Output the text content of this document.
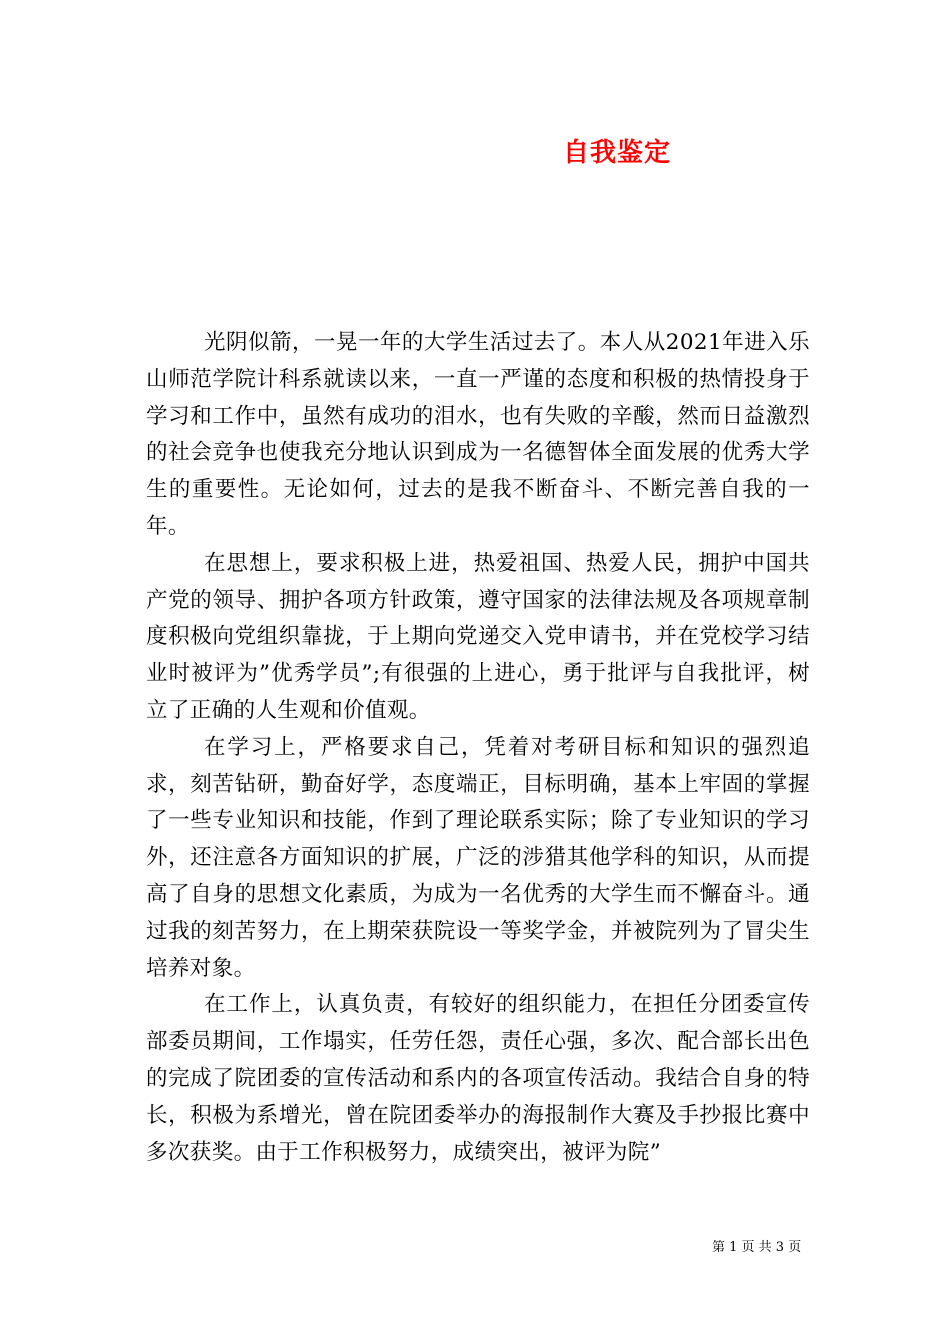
自我鉴定

光阴似箭，一晃一年的大学生活过去了。本人从2021年进入乐山师范学院计科系就读以来，一直一严谨的态度和积极的热情投身于学习和工作中，虽然有成功的泪水，也有失败的辛酸，然而日益激烈的社会竞争也使我充分地认识到成为一名德智体全面发展的优秀大学生的重要性。无论如何，过去的是我不断奋斗、不断完善自我的一年。

在思想上，要求积极上进，热爱祖国、热爱人民，拥护中国共产党的领导、拥护各项方针政策，遵守国家的法律法规及各项规章制度积极向党组织靠拢，于上期向党递交入党申请书，并在党校学习结业时被评为”优秀学员”;有很强的上进心，勇于批评与自我批评，树立了正确的人生观和价值观。

在学习上，严格要求自己，凭着对考研目标和知识的强烈追求，刻苦钻研，勤奋好学，态度端正，目标明确，基本上牢固的掌握了一些专业知识和技能，作到了理论联系实际；除了专业知识的学习外，还注意各方面知识的扩展，广泛的涉猎其他学科的知识，从而提高了自身的思想文化素质，为成为一名优秀的大学生而不懈奋斗。通过我的刻苦努力，在上期荣获院设一等奖学金，并被院列为了冒尖生培养对象。

在工作上，认真负责，有较好的组织能力，在担任分团委宣传部委员期间，工作塌实，任劳任怨，责任心强，多次、配合部长出色的完成了院团委的宣传活动和系内的各项宣传活动。我结合自身的特长，积极为系增光，曾在院团委举办的海报制作大赛及手抄报比赛中多次获奖。由于工作积极努力，成绩突出，被评为院”

第 1 页 共 3 页
